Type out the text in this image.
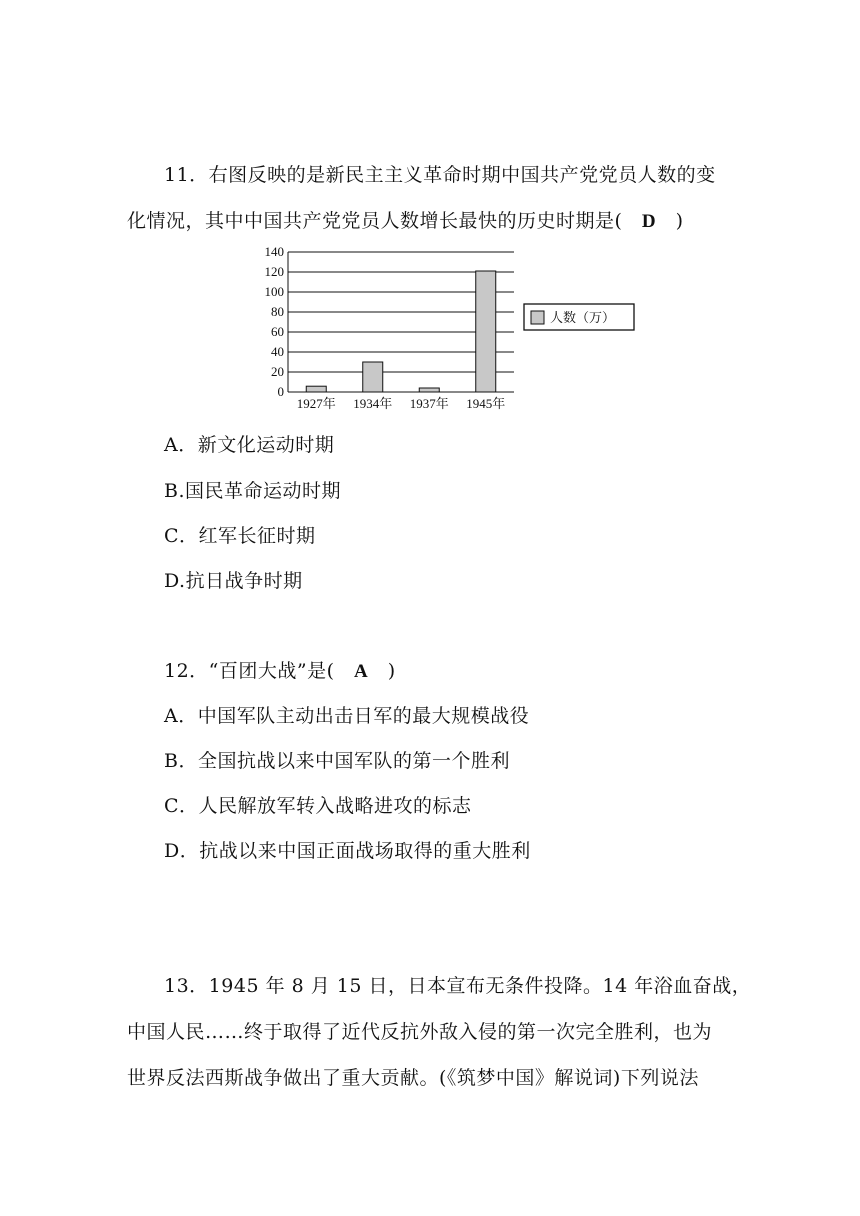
11．右图反映的是新民主主义革命时期中国共产党党员人数的变
化情况，其中中国共产党党员人数增长最快的历史时期是(　D　)
0
20
40
60
80
100
120
140
1927年 1934年 1937年 1945年
人数（万）
A．新文化运动时期
B.国民革命运动时期
C．红军长征时期
D.抗日战争时期
12．“百团大战”是(　A　)
A．中国军队主动出击日军的最大规模战役
B．全国抗战以来中国军队的第一个胜利
C．人民解放军转入战略进攻的标志
D．抗战以来中国正面战场取得的重大胜利
13．1945 年 8 月 15 日，日本宣布无条件投降。14 年浴血奋战，
中国人民……终于取得了近代反抗外敌入侵的第一次完全胜利，也为
世界反法西斯战争做出了重大贡献。(《筑梦中国》解说词)下列说法
